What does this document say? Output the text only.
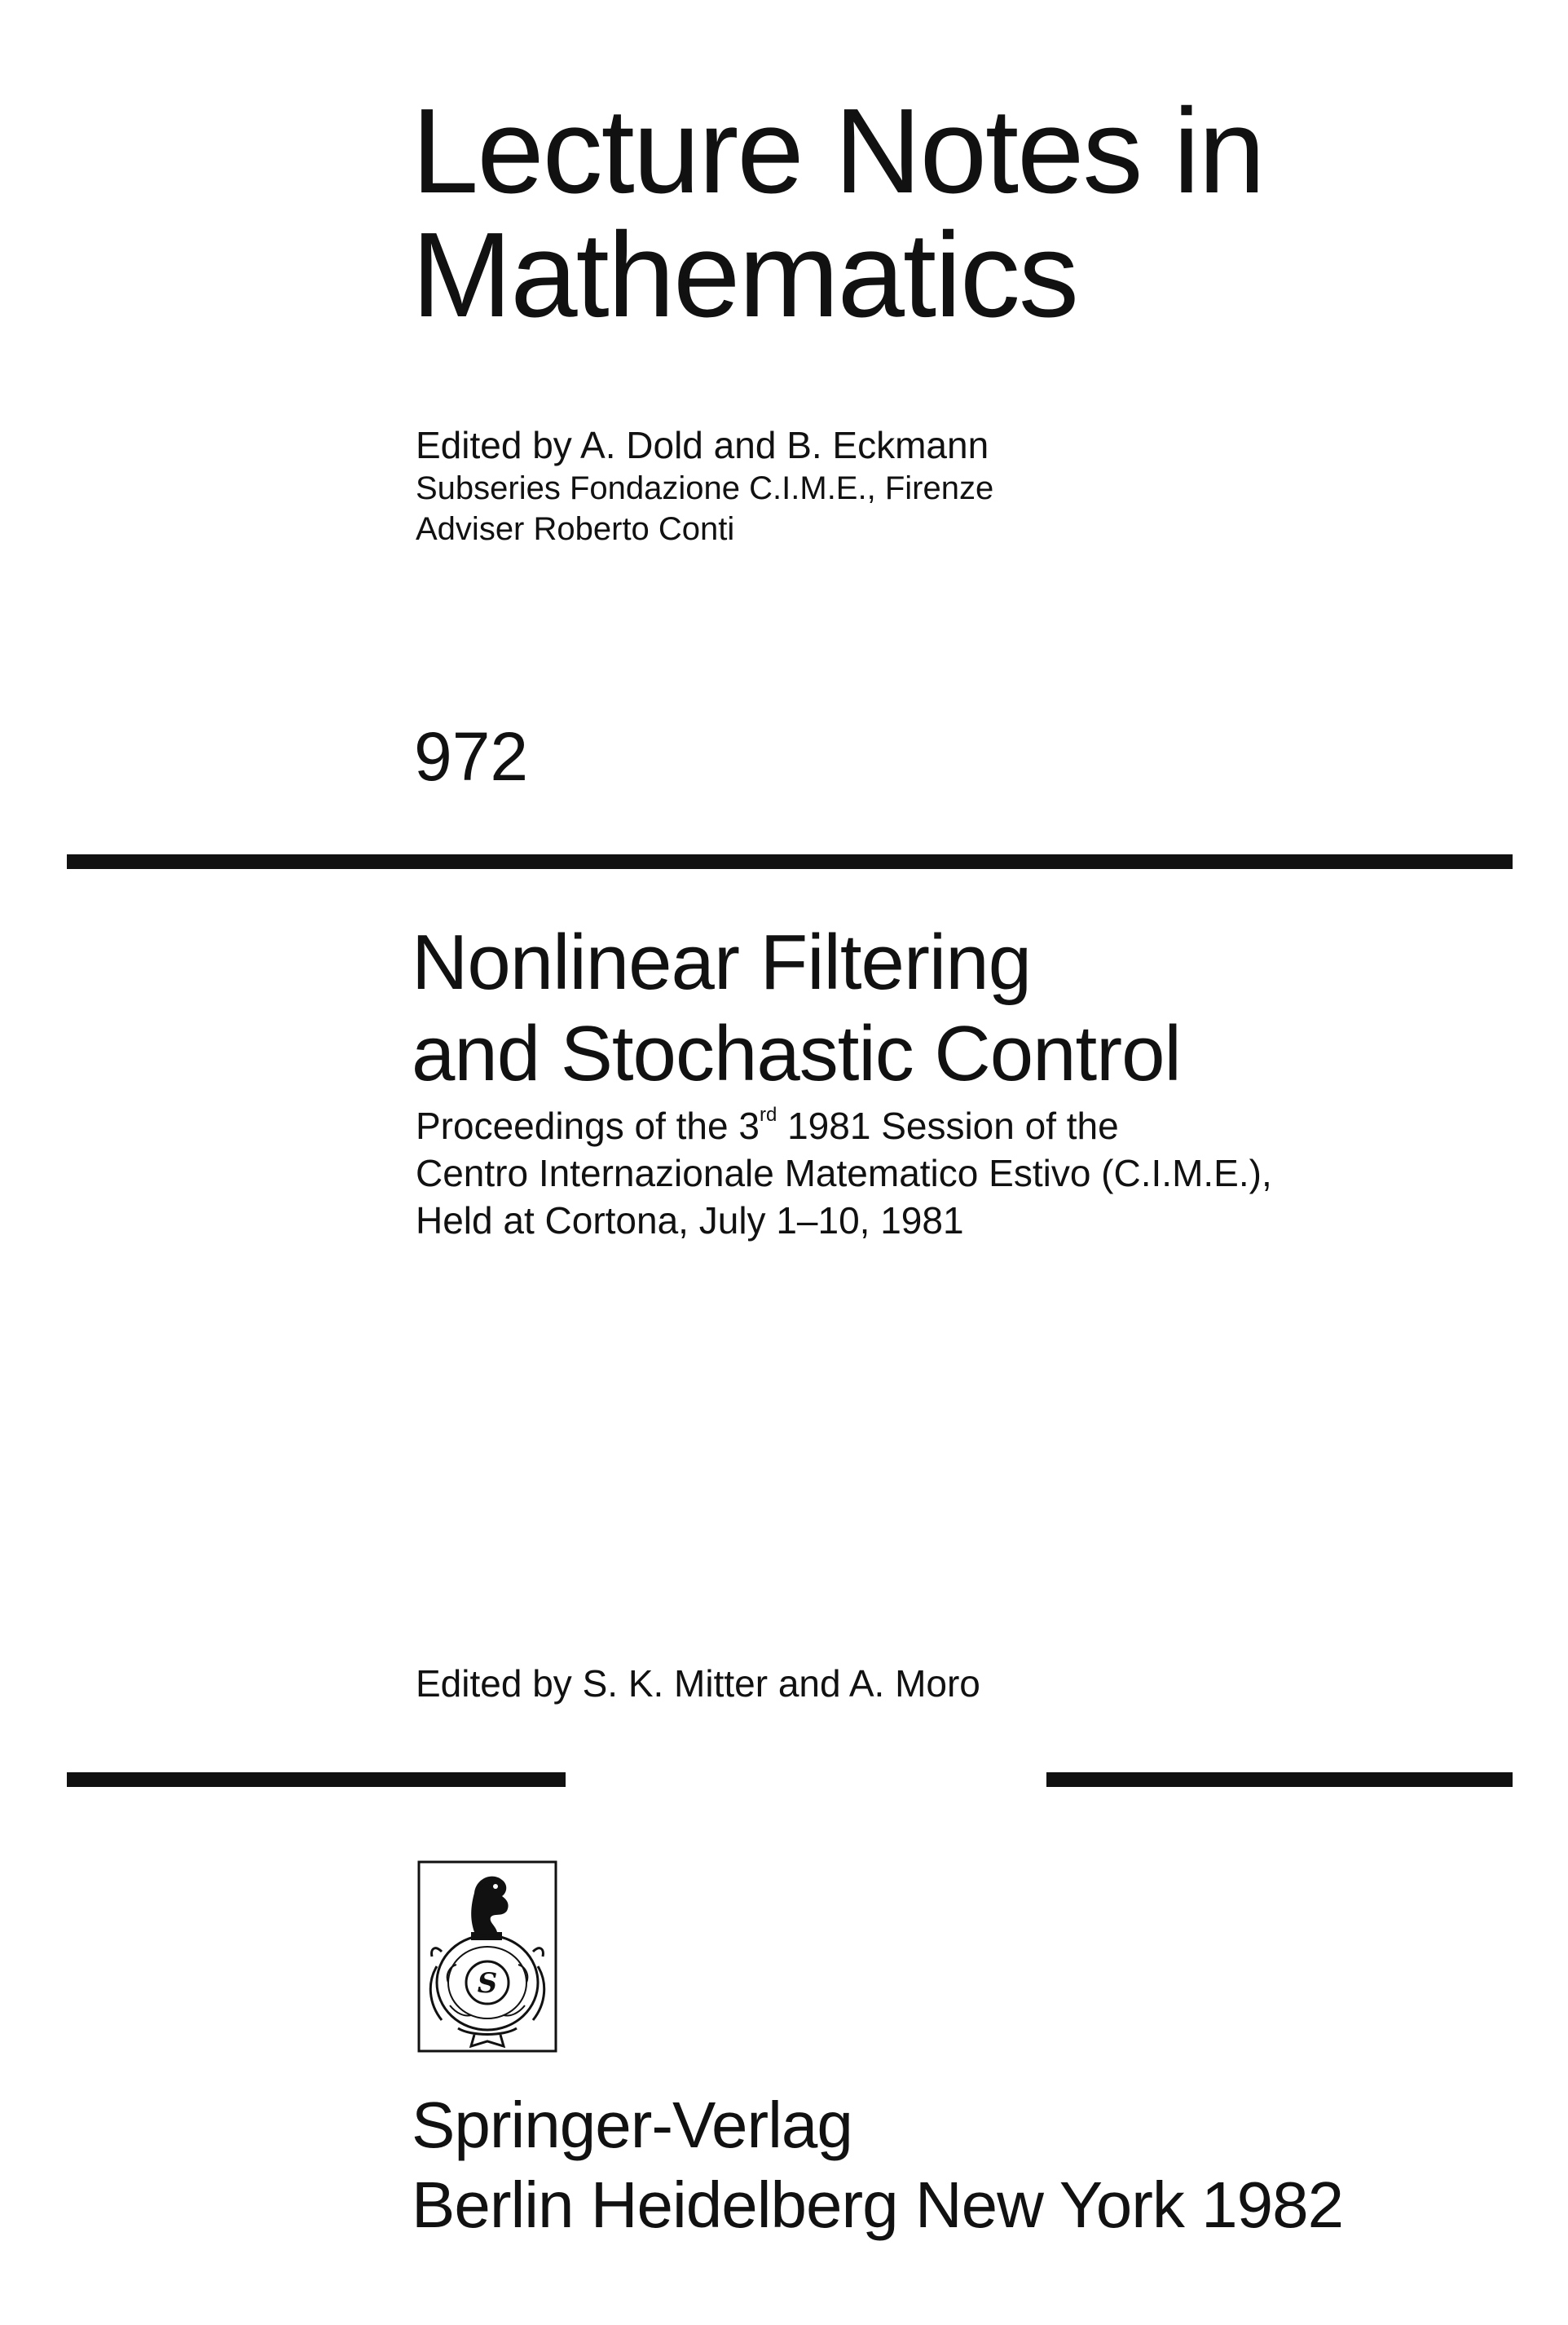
Lecture Notes in
Mathematics
Edited by A. Dold and B. Eckmann
Subseries Fondazione C.I.M.E., Firenze
Adviser Roberto Conti
972
Nonlinear Filtering
and Stochastic Control
Proceedings of the 3rd 1981 Session of the
Centro Internazionale Matematico Estivo (C.I.M.E.),
Held at Cortona, July 1–10, 1981
Edited by S. K. Mitter and A. Moro
S
Springer-Verlag
Berlin Heidelberg New York 1982
